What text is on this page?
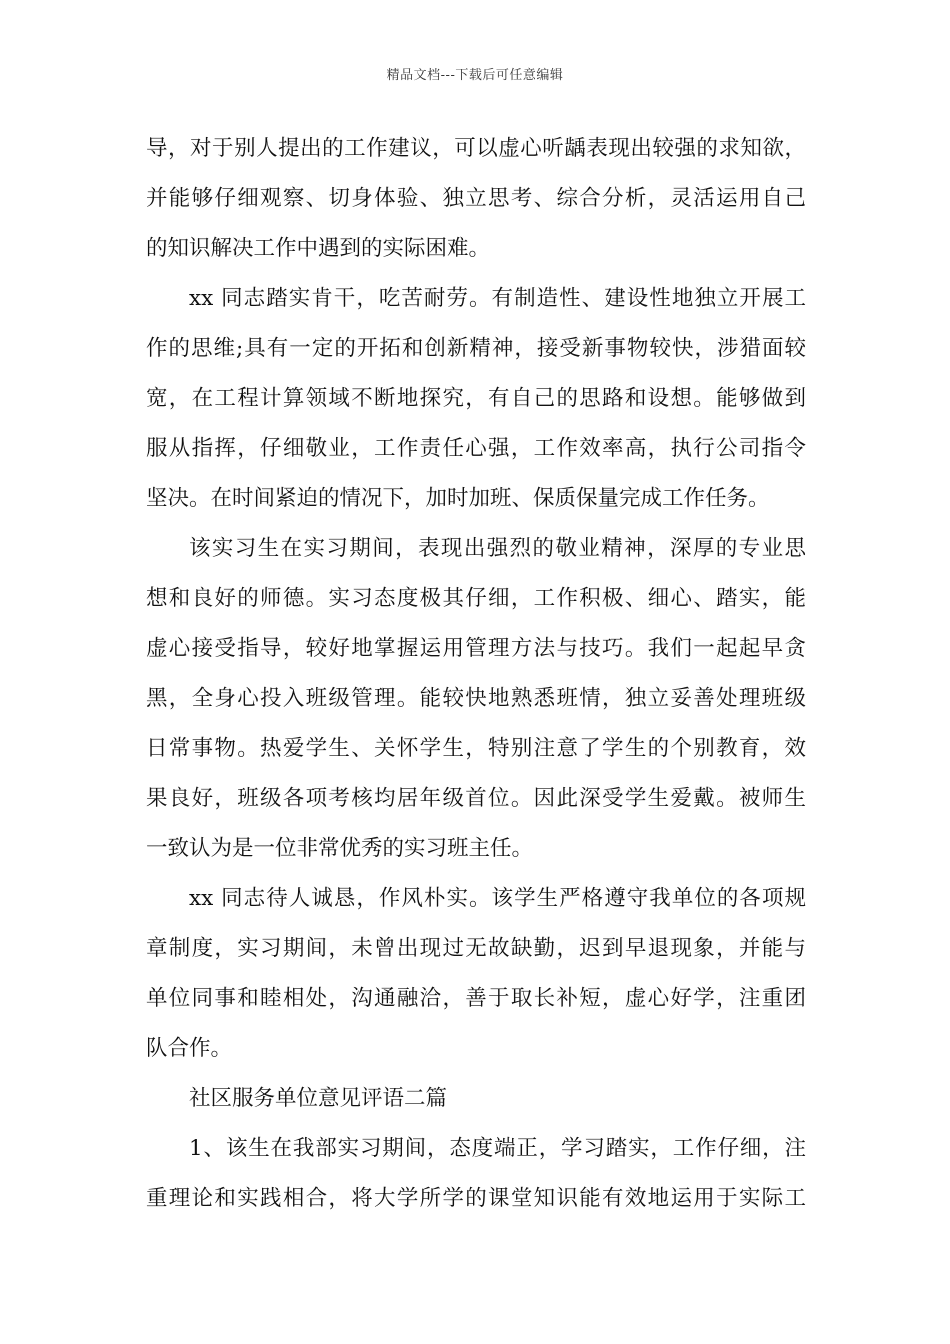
精品文档---下载后可任意编辑
导，对于别人提出的工作建议，可以虚心听龋表现出较强的求知欲，
并能够仔细观察、切身体验、独立思考、综合分析，灵活运用自己
的知识解决工作中遇到的实际困难。
xx 同志踏实肯干，吃苦耐劳。有制造性、建设性地独立开展工
作的思维;具有一定的开拓和创新精神，接受新事物较快，涉猎面较
宽，在工程计算领域不断地探究，有自己的思路和设想。能够做到
服从指挥，仔细敬业，工作责任心强，工作效率高，执行公司指令
坚决。在时间紧迫的情况下，加时加班、保质保量完成工作任务。
该实习生在实习期间，表现出强烈的敬业精神，深厚的专业思
想和良好的师德。实习态度极其仔细，工作积极、细心、踏实，能
虚心接受指导，较好地掌握运用管理方法与技巧。我们一起起早贪
黑，全身心投入班级管理。能较快地熟悉班情，独立妥善处理班级
日常事物。热爱学生、关怀学生，特别注意了学生的个别教育，效
果良好，班级各项考核均居年级首位。因此深受学生爱戴。被师生
一致认为是一位非常优秀的实习班主任。
xx 同志待人诚恳，作风朴实。该学生严格遵守我单位的各项规
章制度，实习期间，未曾出现过无故缺勤，迟到早退现象，并能与
单位同事和睦相处，沟通融洽，善于取长补短，虚心好学，注重团
队合作。
社区服务单位意见评语二篇
1、该生在我部实习期间，态度端正，学习踏实，工作仔细，注
重理论和实践相合，将大学所学的课堂知识能有效地运用于实际工
